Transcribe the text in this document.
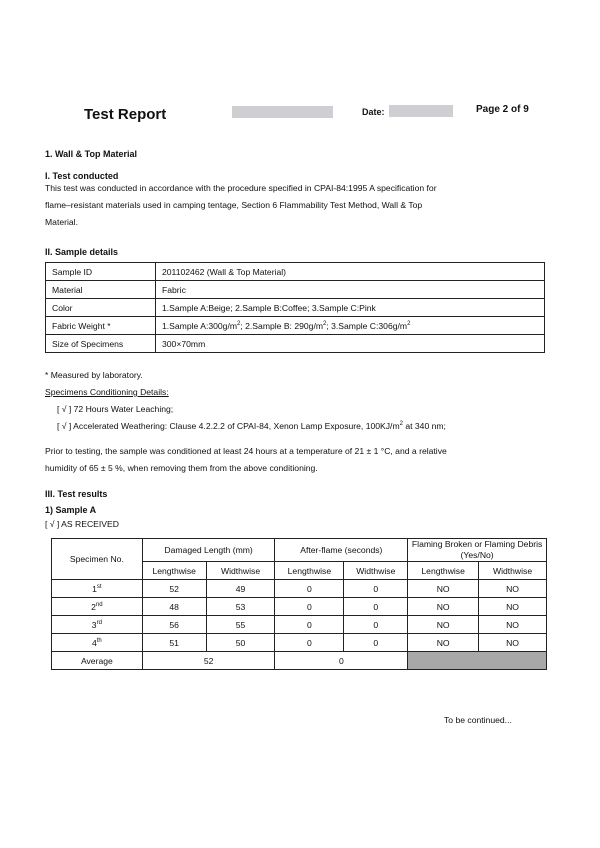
Test Report	Date:	Page 2 of 9
1. Wall & Top Material
I. Test conducted
This test was conducted in accordance with the procedure specified in CPAI-84:1995 A specification for
flame–resistant materials used in camping tentage, Section 6 Flammability Test Method, Wall & Top
Material.
II. Sample details
Sample ID	201102462 (Wall & Top Material)
Material	Fabric
Color	1.Sample A:Beige; 2.Sample B:Coffee; 3.Sample C:Pink
Fabric Weight *	1.Sample $A:300g/m^2$; 2.Sample B: $290g/m^2$; 3.Sample $C:306g/m^2$
Size of Specimens	300×70mm
* Measured by laboratory.
Specimens Conditioning Details:
[ √ ] 72 Hours Water Leaching;
[ √ ] Accelerated Weathering: Clause 4.2.2.2 of CPAI-84, Xenon Lamp Exposure, $100KJ/m^2$ at 340 nm;
Prior to testing, the sample was conditioned at least 24 hours at a temperature of 21 ± 1 °C, and a relative
humidity of 65 ± 5 %, when removing them from the above conditioning.
III. Test results
1) Sample A
[ √ ] AS RECEIVED
Specimen No.	Damaged Length (mm)		After-flame (seconds)		Flaming Broken or Flaming Debris (Yes/No)	
	Lengthwise	Widthwise	Lengthwise	Widthwise	Lengthwise	Widthwise
1st	52	49	0	0	NO	NO
2nd	48	53	0	0	NO	NO
3rd	56	55	0	0	NO	NO
4th	51	50	0	0	NO	NO
Average	52		0			
To be continued...
